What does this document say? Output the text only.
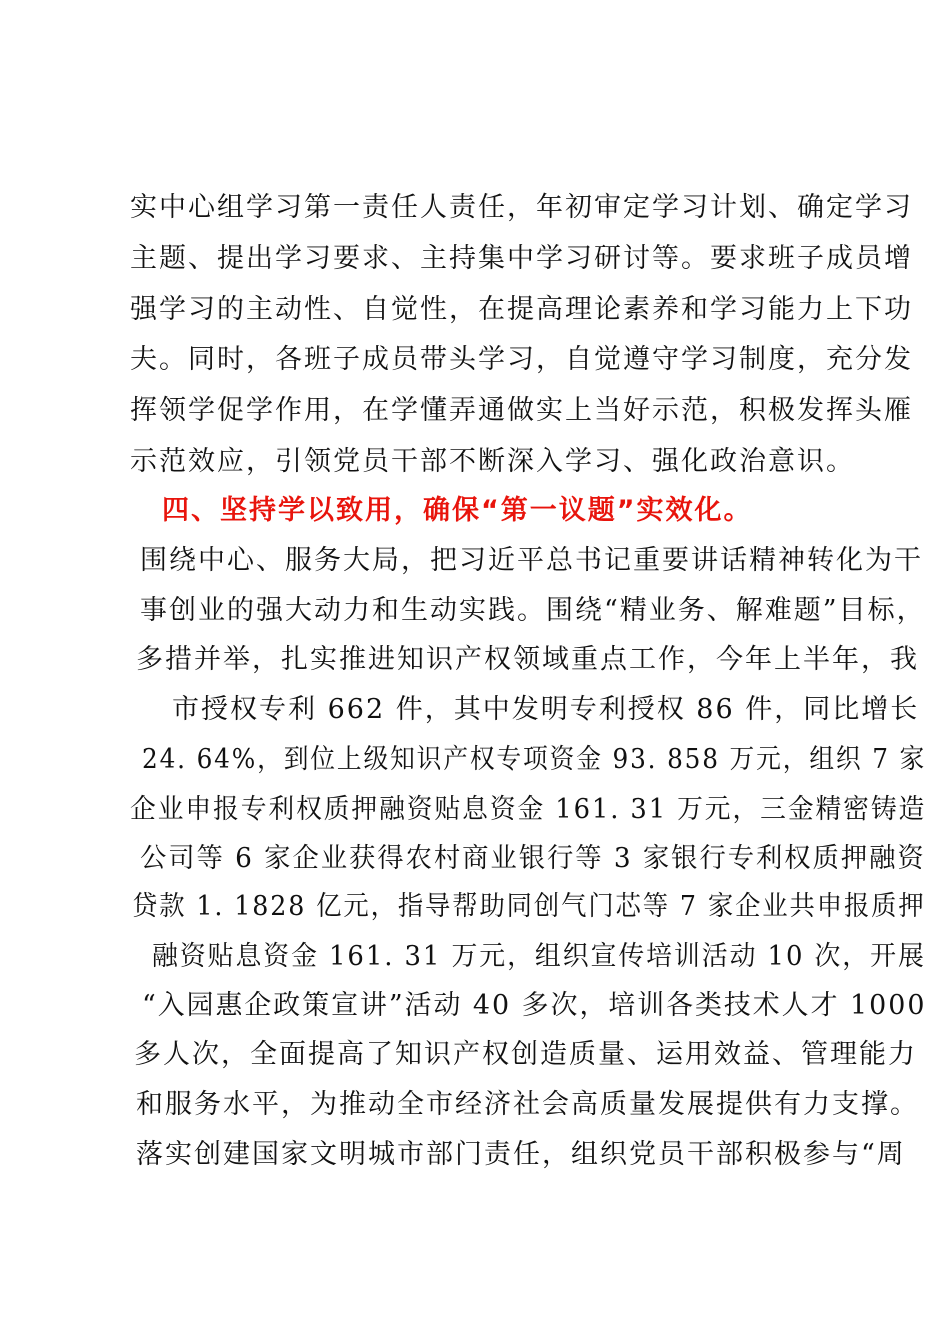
实中心组学习第一责任人责任，年初审定学习计划、确定学习
主题、提出学习要求、主持集中学习研讨等。要求班子成员增
强学习的主动性、自觉性，在提高理论素养和学习能力上下功
夫。同时，各班子成员带头学习，自觉遵守学习制度，充分发
挥领学促学作用，在学懂弄通做实上当好示范，积极发挥头雁
示范效应，引领党员干部不断深入学习、强化政治意识。
四、坚持学以致用，确保“第一议题”实效化。
围绕中心、服务大局，把习近平总书记重要讲话精神转化为干
事创业的强大动力和生动实践。围绕“精业务、解难题”目标，
多措并举，扎实推进知识产权领域重点工作，今年上半年，我
市授权专利 662 件，其中发明专利授权 86 件，同比增长
24. 64%，到位上级知识产权专项资金 93. 858 万元，组织 7 家
企业申报专利权质押融资贴息资金 161. 31 万元，三金精密铸造
公司等 6 家企业获得农村商业银行等 3 家银行专利权质押融资
贷款 1. 1828 亿元，指导帮助同创气门芯等 7 家企业共申报质押
融资贴息资金 161. 31 万元，组织宣传培训活动 10 次，开展
“入园惠企政策宣讲”活动 40 多次，培训各类技术人才 1000
多人次，全面提高了知识产权创造质量、运用效益、管理能力
和服务水平，为推动全市经济社会高质量发展提供有力支撑。
落实创建国家文明城市部门责任，组织党员干部积极参与“周
